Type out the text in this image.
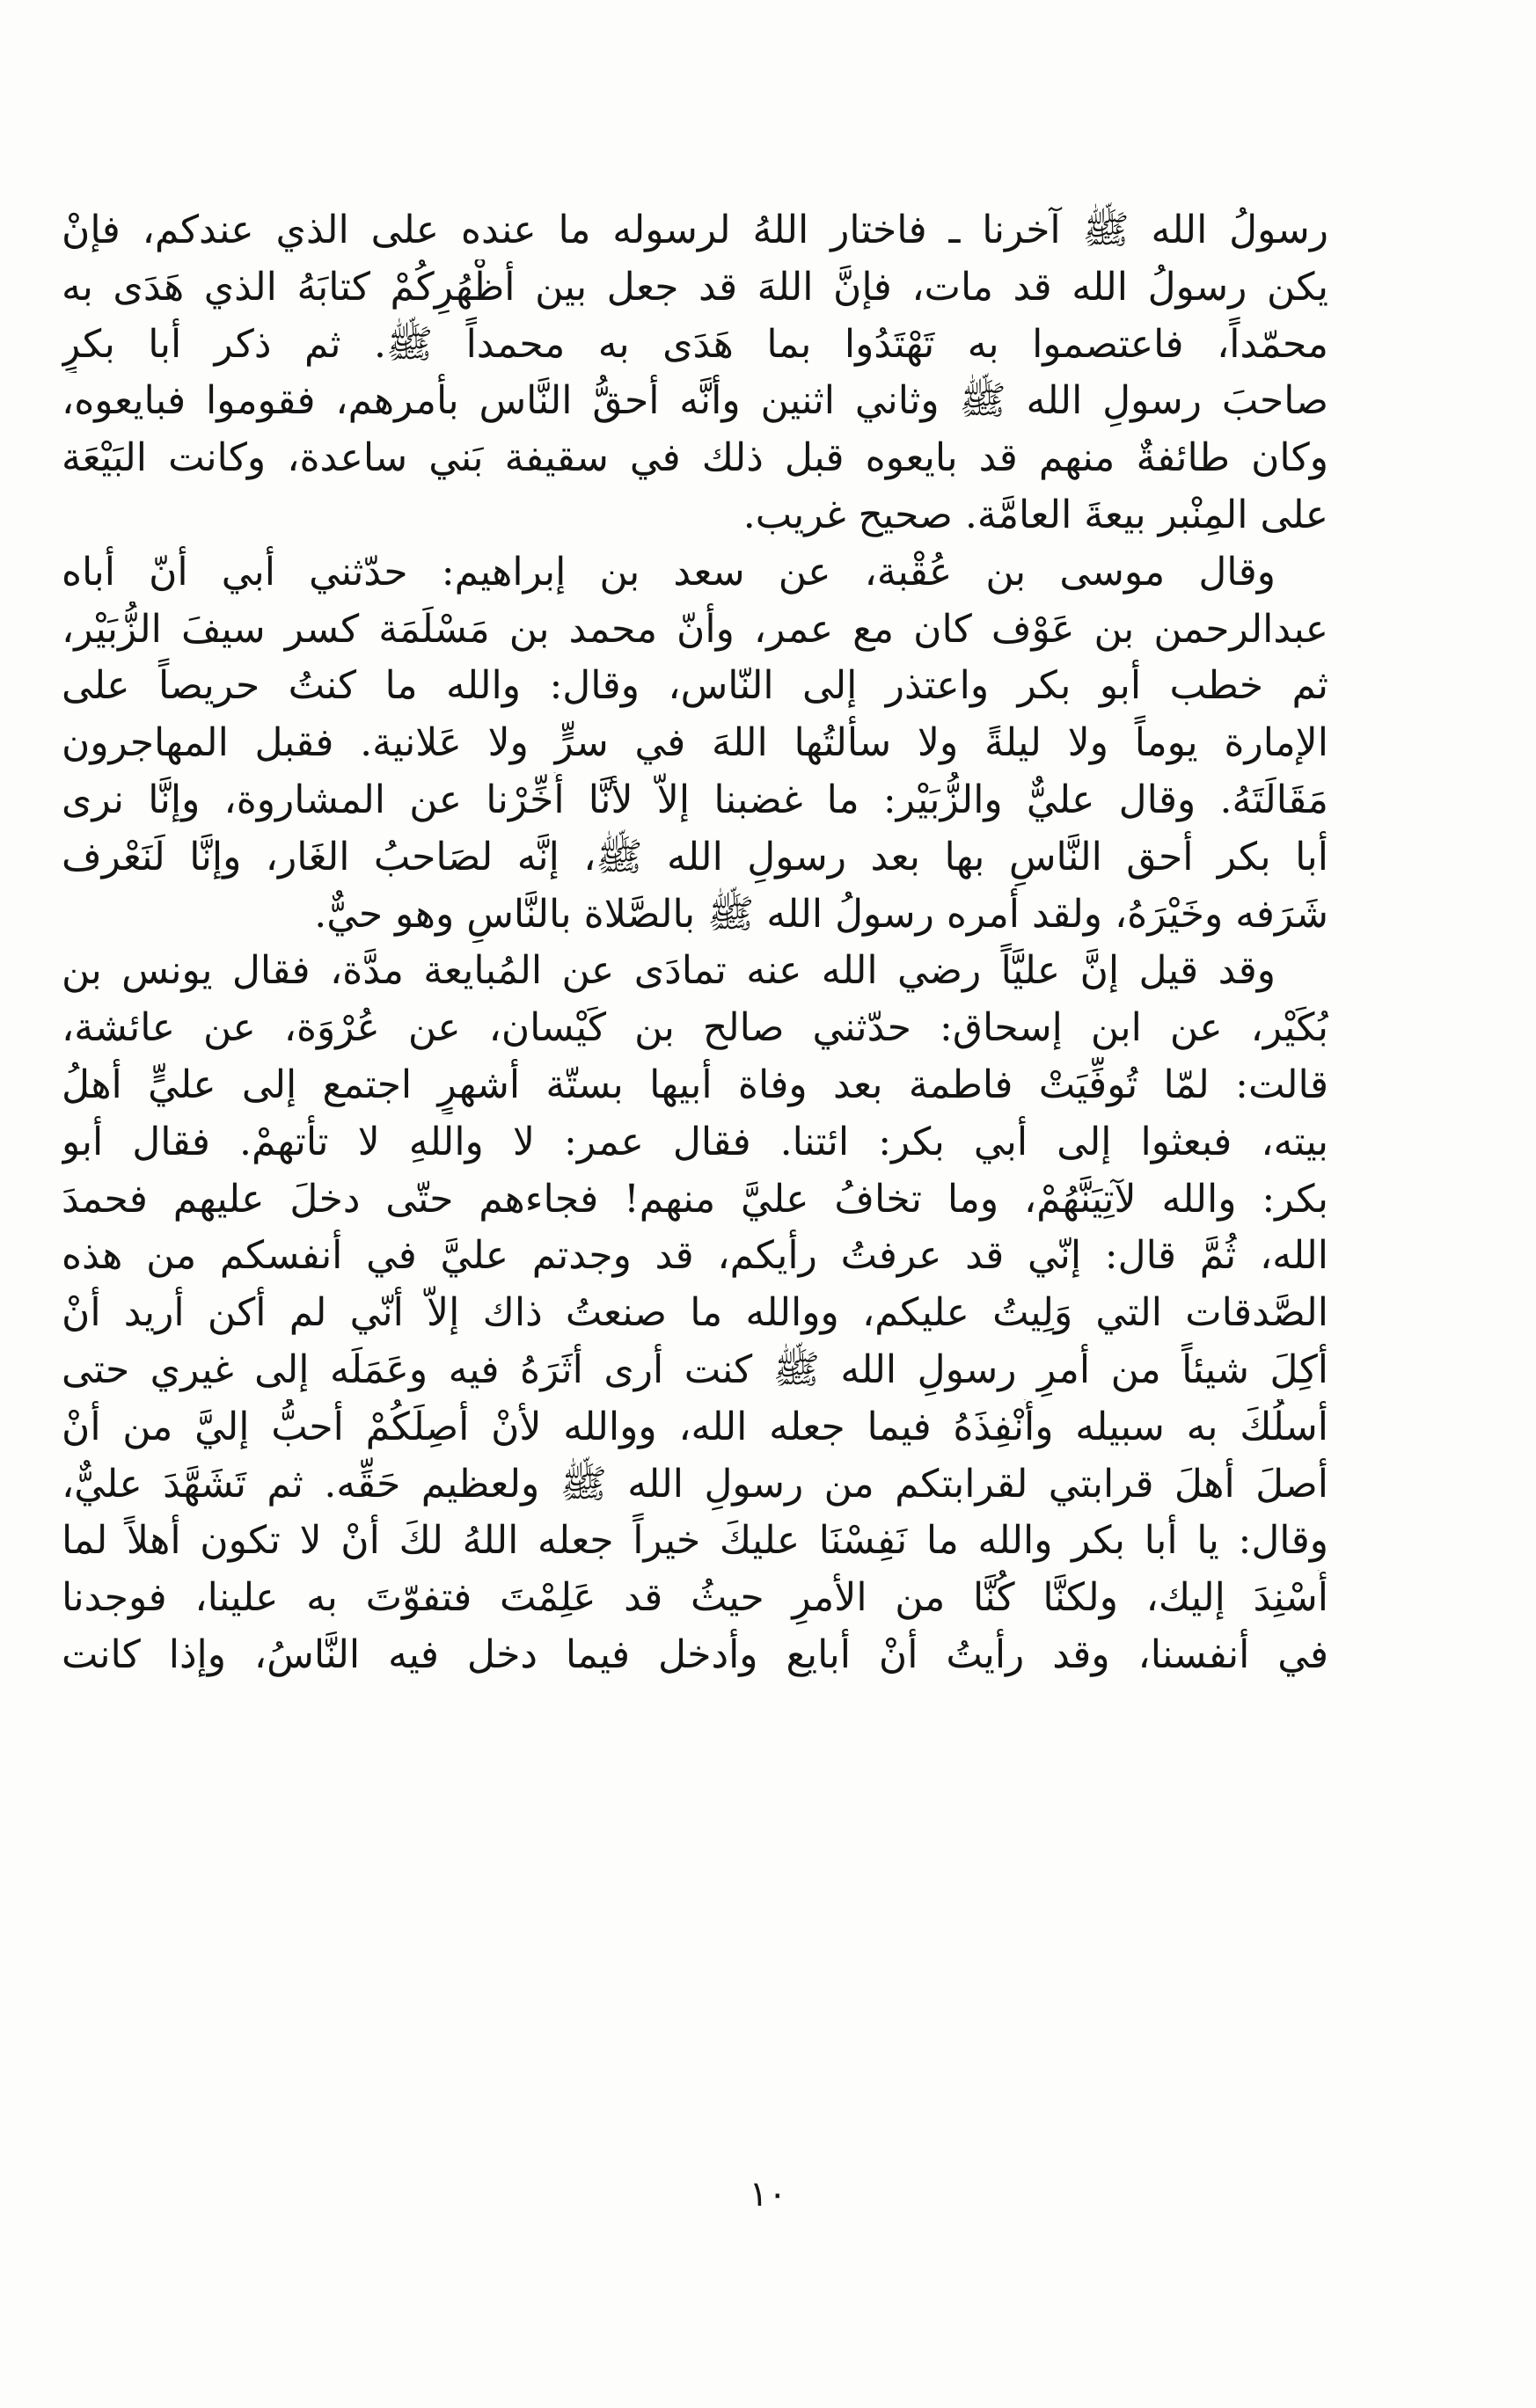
رسولُ الله ﷺ آخرنا ـ فاختار اللهُ لرسوله ما عنده على الذي عندكم، فإنْ
يكن رسولُ الله قد مات، فإنَّ اللهَ قد جعل بين أظْهُرِكُمْ كتابَهُ الذي هَدَى به
محمّداً، فاعتصموا به تَهْتَدُوا بما هَدَى به محمداً ﷺ. ثم ذكر أبا بكرٍ
صاحبَ رسولِ الله ﷺ وثاني اثنين وأنَّه أحقُّ النَّاس بأمرهم، فقوموا فبايعوه،
وكان طائفةٌ منهم قد بايعوه قبل ذلك في سقيفة بَني ساعدة، وكانت البَيْعَة
على المِنْبر بيعةَ العامَّة. صحيح غريب.
وقال موسى بن عُقْبة، عن سعد بن إبراهيم: حدّثني أبي أنّ أباه
عبدالرحمن بن عَوْف كان مع عمر، وأنّ محمد بن مَسْلَمَة كسر سيفَ الزُّبَيْر،
ثم خطب أبو بكر واعتذر إلى النّاس، وقال: والله ما كنتُ حريصاً على
الإمارة يوماً ولا ليلةً ولا سألتُها اللهَ في سرٍّ ولا عَلانية. فقبل المهاجرون
مَقَالَتَهُ. وقال عليٌّ والزُّبَيْر: ما غضبنا إلاّ لأنَّا أُخِّرْنا عن المشاروة، وإنَّا نرى
أبا بكر أحق النَّاسِ بها بعد رسولِ الله ﷺ، إنَّه لصَاحبُ الغَار، وإنَّا لَنَعْرف
شَرَفه وخَيْرَهُ، ولقد أمره رسولُ الله ﷺ بالصَّلاة بالنَّاسِ وهو حيٌّ.
وقد قيل إنَّ عليَّاً رضي الله عنه تمادَى عن المُبايعة مدَّة، فقال يونس بن
بُكَيْر، عن ابن إسحاق: حدّثني صالح بن كَيْسان، عن عُرْوَة، عن عائشة،
قالت: لمّا تُوفِّيَتْ فاطمة بعد وفاة أبيها بستّة أشهرٍ اجتمع إلى عليٍّ أهلُ
بيته، فبعثوا إلى أبي بكر: ائتنا. فقال عمر: لا واللهِ لا تأتهمْ. فقال أبو
بكر: والله لآتِيَنَّهُمْ، وما تخافُ عليَّ منهم! فجاءهم حتّى دخلَ عليهم فحمدَ
الله، ثُمَّ قال: إنّي قد عرفتُ رأيكم، قد وجدتم عليَّ في أنفسكم من هذه
الصَّدقات التي وَلِيتُ عليكم، ووالله ما صنعتُ ذاك إلاّ أنّي لم أكن أريد أنْ
أكِلَ شيئاً من أمرِ رسولِ الله ﷺ كنت أرى أثَرَهُ فيه وعَمَلَه إلى غيري حتى
أسلُكَ به سبيله وأُنْفِذَهُ فيما جعله الله، ووالله لأنْ أصِلَكُمْ أحبُّ إليَّ من أنْ
أصلَ أهلَ قرابتي لقرابتكم من رسولِ الله ﷺ ولعظيم حَقِّه. ثم تَشَهَّدَ عليٌّ،
وقال: يا أبا بكر والله ما نَفِسْنَا عليكَ خيراً جعله اللهُ لكَ أنْ لا تكون أهلاً لما
أُسْنِدَ إليك، ولكنَّا كُنَّا من الأمرِ حيثُ قد عَلِمْتَ فتفوّتَ به علينا، فوجدنا
في أنفسنا، وقد رأيتُ أنْ أبايع وأدخل فيما دخل فيه النَّاسُ، وإذا كانت
١٠
